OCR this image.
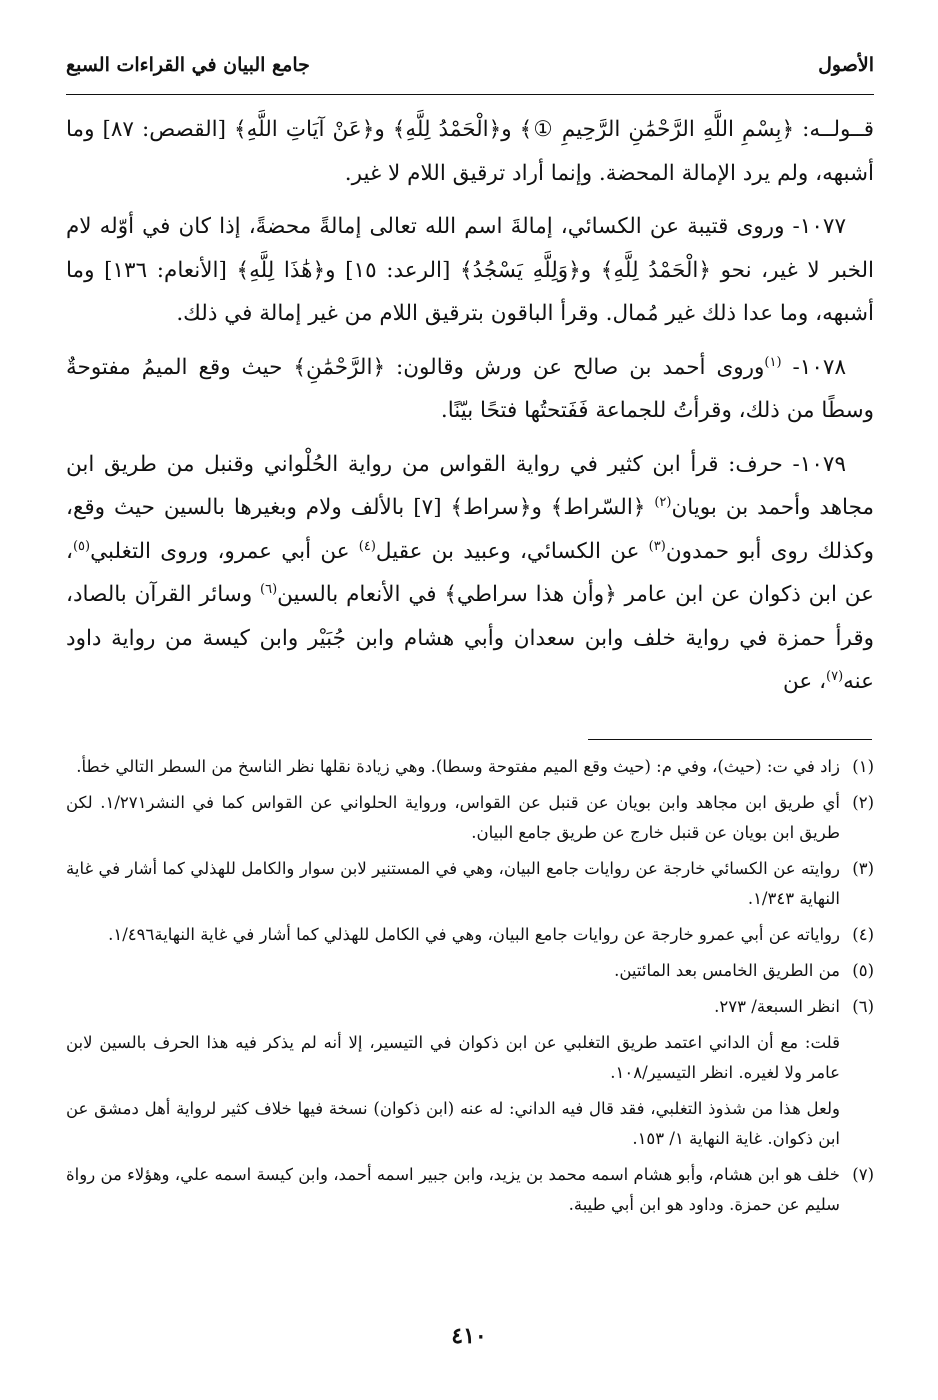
الأصول
جامع البيان في القراءات السبع

قــولــه: ﴿بِسْمِ اللَّهِ الرَّحْمَٰنِ الرَّحِيمِ ①﴾ و﴿الْحَمْدُ لِلَّهِ﴾ و﴿عَنْ آيَاتِ اللَّهِ﴾ [القصص: ٨٧] وما أشبهه، ولم يرد الإمالة المحضة. وإنما أراد ترقيق اللام لا غير.

١٠٧٧- وروى قتيبة عن الكسائي، إمالةَ اسم الله تعالى إمالةً محضةً، إذا كان في أوّله لام الخبر لا غير، نحو ﴿الْحَمْدُ لِلَّهِ﴾ و﴿وَلِلَّهِ يَسْجُدُ﴾ [الرعد: ١٥] و﴿هَٰذَا لِلَّهِ﴾ [الأنعام: ١٣٦] وما أشبهه، وما عدا ذلك غير مُمال. وقرأ الباقون بترقيق اللام من غير إمالة في ذلك.

١٠٧٨- $^{(١)}$وروى أحمد بن صالح عن ورش وقالون: ﴿الرَّحْمَٰنِ﴾ حيث وقع الميمُ مفتوحةٌ وسطًا من ذلك، وقرأتُ للجماعة فَفَتحتُها فتحًا بيّنًا.

١٠٧٩- حرف: قرأ ابن كثير في رواية القواس من رواية الحُلْواني وقنبل من طريق ابن مجاهد وأحمد بن بويان$^{(٢)}$ ﴿السّراط﴾ و﴿سراط﴾ [٧] بالألف ولام وبغيرها بالسين حيث وقع، وكذلك روى أبو حمدون$^{(٣)}$ عن الكسائي، وعبيد بن عقيل$^{(٤)}$ عن أبي عمرو، وروى التغلبي$^{(٥)}$، عن ابن ذكوان عن ابن عامر ﴿وأن هذا سراطي﴾ في الأنعام بالسين$^{(٦)}$ وسائر القرآن بالصاد، وقرأ حمزة في رواية خلف وابن سعدان وأبي هشام وابن جُبَيْر وابن كيسة من رواية داود عنه$^{(٧)}$، عن

(١)
زاد في ت: (حيث)، وفي م: (حيث وقع الميم مفتوحة وسطا). وهي زيادة نقلها نظر الناسخ من السطر التالي خطأ.
(٢)
أي طريق ابن مجاهد وابن بويان عن قنبل عن القواس، ورواية الحلواني عن القواس كما في النشر١/٢٧١. لكن طريق ابن بويان عن قنبل خارج عن طريق جامع البيان.
(٣)
روايته عن الكسائي خارجة عن روايات جامع البيان، وهي في المستنير لابن سوار والكامل للهذلي كما أشار في غاية النهاية ١/٣٤٣.
(٤)
رواياته عن أبي عمرو خارجة عن روايات جامع البيان، وهي في الكامل للهذلي كما أشار في غاية النهاية١/٤٩٦.
(٥)
من الطريق الخامس بعد المائتين.
(٦)
انظر السبعة/ ٢٧٣.
قلت: مع أن الداني اعتمد طريق التغلبي عن ابن ذكوان في التيسير، إلا أنه لم يذكر فيه هذا الحرف بالسين لابن عامر ولا لغيره. انظر التيسير/١٠٨.
ولعل هذا من شذوذ التغلبي، فقد قال فيه الداني: له عنه (ابن ذكوان) نسخة فيها خلاف كثير لرواية أهل دمشق عن ابن ذكوان. غاية النهاية ١/ ١٥٣.
(٧)
خلف هو ابن هشام، وأبو هشام اسمه محمد بن يزيد، وابن جبير اسمه أحمد، وابن كيسة اسمه علي، وهؤلاء من رواة سليم عن حمزة. وداود هو ابن أبي طيبة.
٤١٠
